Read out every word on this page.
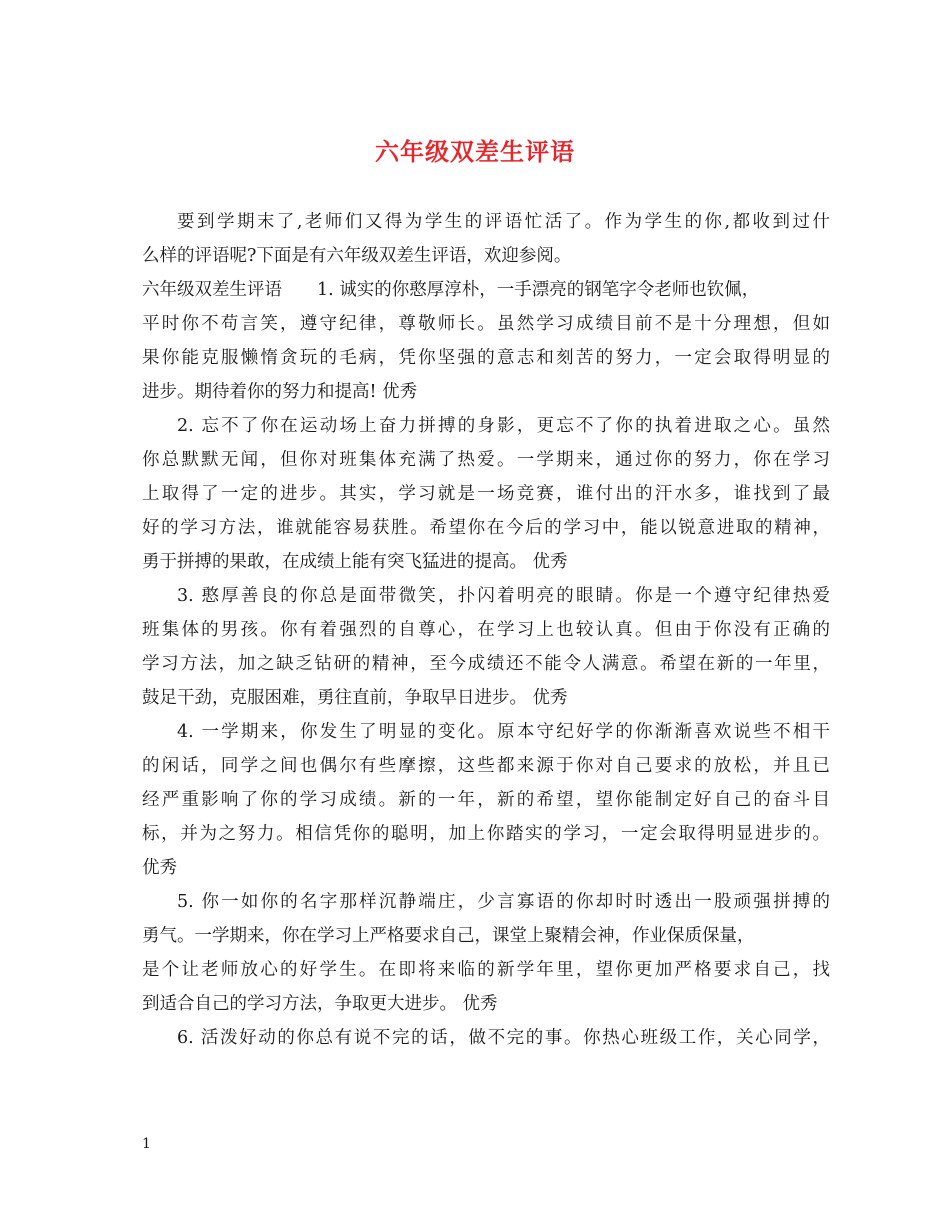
六年级双差生评语
要到学期末了,老师们又得为学生的评语忙活了。作为学生的你,都收到过什
么样的评语呢?下面是有六年级双差生评语，欢迎参阅。
六年级双差生评语　　1. 诚实的你憨厚淳朴，一手漂亮的钢笔字令老师也钦佩，
平时你不苟言笑，遵守纪律，尊敬师长。虽然学习成绩目前不是十分理想，但如
果你能克服懒惰贪玩的毛病，凭你坚强的意志和刻苦的努力，一定会取得明显的
进步。期待着你的努力和提高! 优秀
2. 忘不了你在运动场上奋力拼搏的身影，更忘不了你的执着进取之心。虽然
你总默默无闻，但你对班集体充满了热爱。一学期来，通过你的努力，你在学习
上取得了一定的进步。其实，学习就是一场竞赛，谁付出的汗水多，谁找到了最
好的学习方法，谁就能容易获胜。希望你在今后的学习中，能以锐意进取的精神，
勇于拼搏的果敢，在成绩上能有突飞猛进的提高。 优秀
3. 憨厚善良的你总是面带微笑，扑闪着明亮的眼睛。你是一个遵守纪律热爱
班集体的男孩。你有着强烈的自尊心，在学习上也较认真。但由于你没有正确的
学习方法，加之缺乏钻研的精神，至今成绩还不能令人满意。希望在新的一年里，
鼓足干劲，克服困难，勇往直前，争取早日进步。 优秀
4. 一学期来，你发生了明显的变化。原本守纪好学的你渐渐喜欢说些不相干
的闲话，同学之间也偶尔有些摩擦，这些都来源于你对自己要求的放松，并且已
经严重影响了你的学习成绩。新的一年，新的希望，望你能制定好自己的奋斗目
标，并为之努力。相信凭你的聪明，加上你踏实的学习，一定会取得明显进步的。
优秀
5. 你一如你的名字那样沉静端庄，少言寡语的你却时时透出一股顽强拼搏的
勇气。一学期来，你在学习上严格要求自己，课堂上聚精会神，作业保质保量，
是个让老师放心的好学生。在即将来临的新学年里，望你更加严格要求自己，找
到适合自己的学习方法，争取更大进步。 优秀
6. 活泼好动的你总有说不完的话，做不完的事。你热心班级工作，关心同学，
1
